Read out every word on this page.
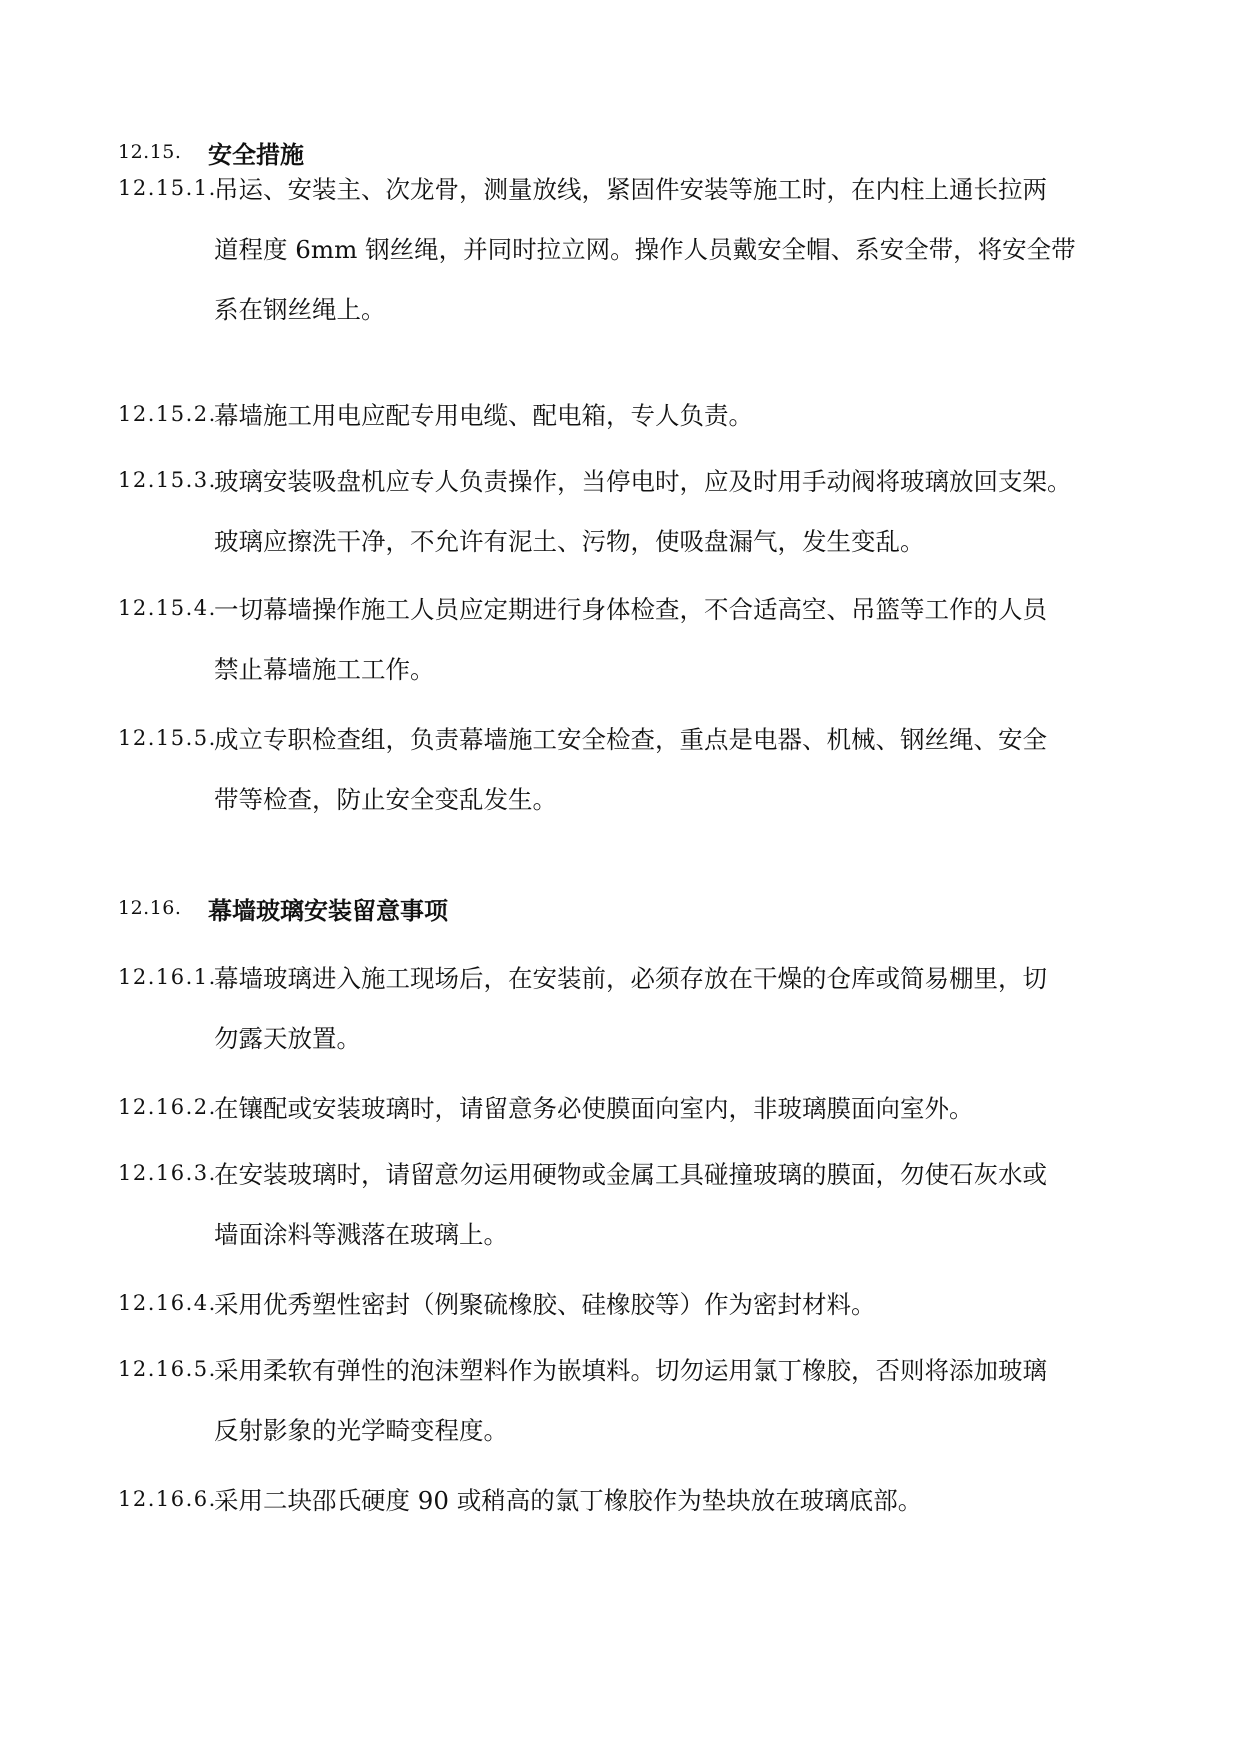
12.15.	安全措施
12.15.1.
吊运、安装主、次龙骨，测量放线，紧固件安装等施工时，在内柱上通长拉两
道程度 6mm 钢丝绳，并同时拉立网。操作人员戴安全帽、系安全带，将安全带
系在钢丝绳上。
12.15.2.
幕墙施工用电应配专用电缆、配电箱，专人负责。
12.15.3.
玻璃安装吸盘机应专人负责操作，当停电时，应及时用手动阀将玻璃放回支架。
玻璃应擦洗干净，不允许有泥土、污物，使吸盘漏气，发生变乱。
12.15.4.
一切幕墙操作施工人员应定期进行身体检查，不合适高空、吊篮等工作的人员
禁止幕墙施工工作。
12.15.5.
成立专职检查组，负责幕墙施工安全检查，重点是电器、机械、钢丝绳、安全
带等检查，防止安全变乱发生。
12.16.	幕墙玻璃安装留意事项
12.16.1.
幕墙玻璃进入施工现场后，在安装前，必须存放在干燥的仓库或简易棚里，切
勿露天放置。
12.16.2.
在镶配或安装玻璃时，请留意务必使膜面向室内，非玻璃膜面向室外。
12.16.3.
在安装玻璃时，请留意勿运用硬物或金属工具碰撞玻璃的膜面，勿使石灰水或
墙面涂料等溅落在玻璃上。
12.16.4.
采用优秀塑性密封（例聚硫橡胶、硅橡胶等）作为密封材料。
12.16.5.
采用柔软有弹性的泡沫塑料作为嵌填料。切勿运用氯丁橡胶，否则将添加玻璃
反射影象的光学畸变程度。
12.16.6.
采用二块邵氏硬度 90 或稍高的氯丁橡胶作为垫块放在玻璃底部。
